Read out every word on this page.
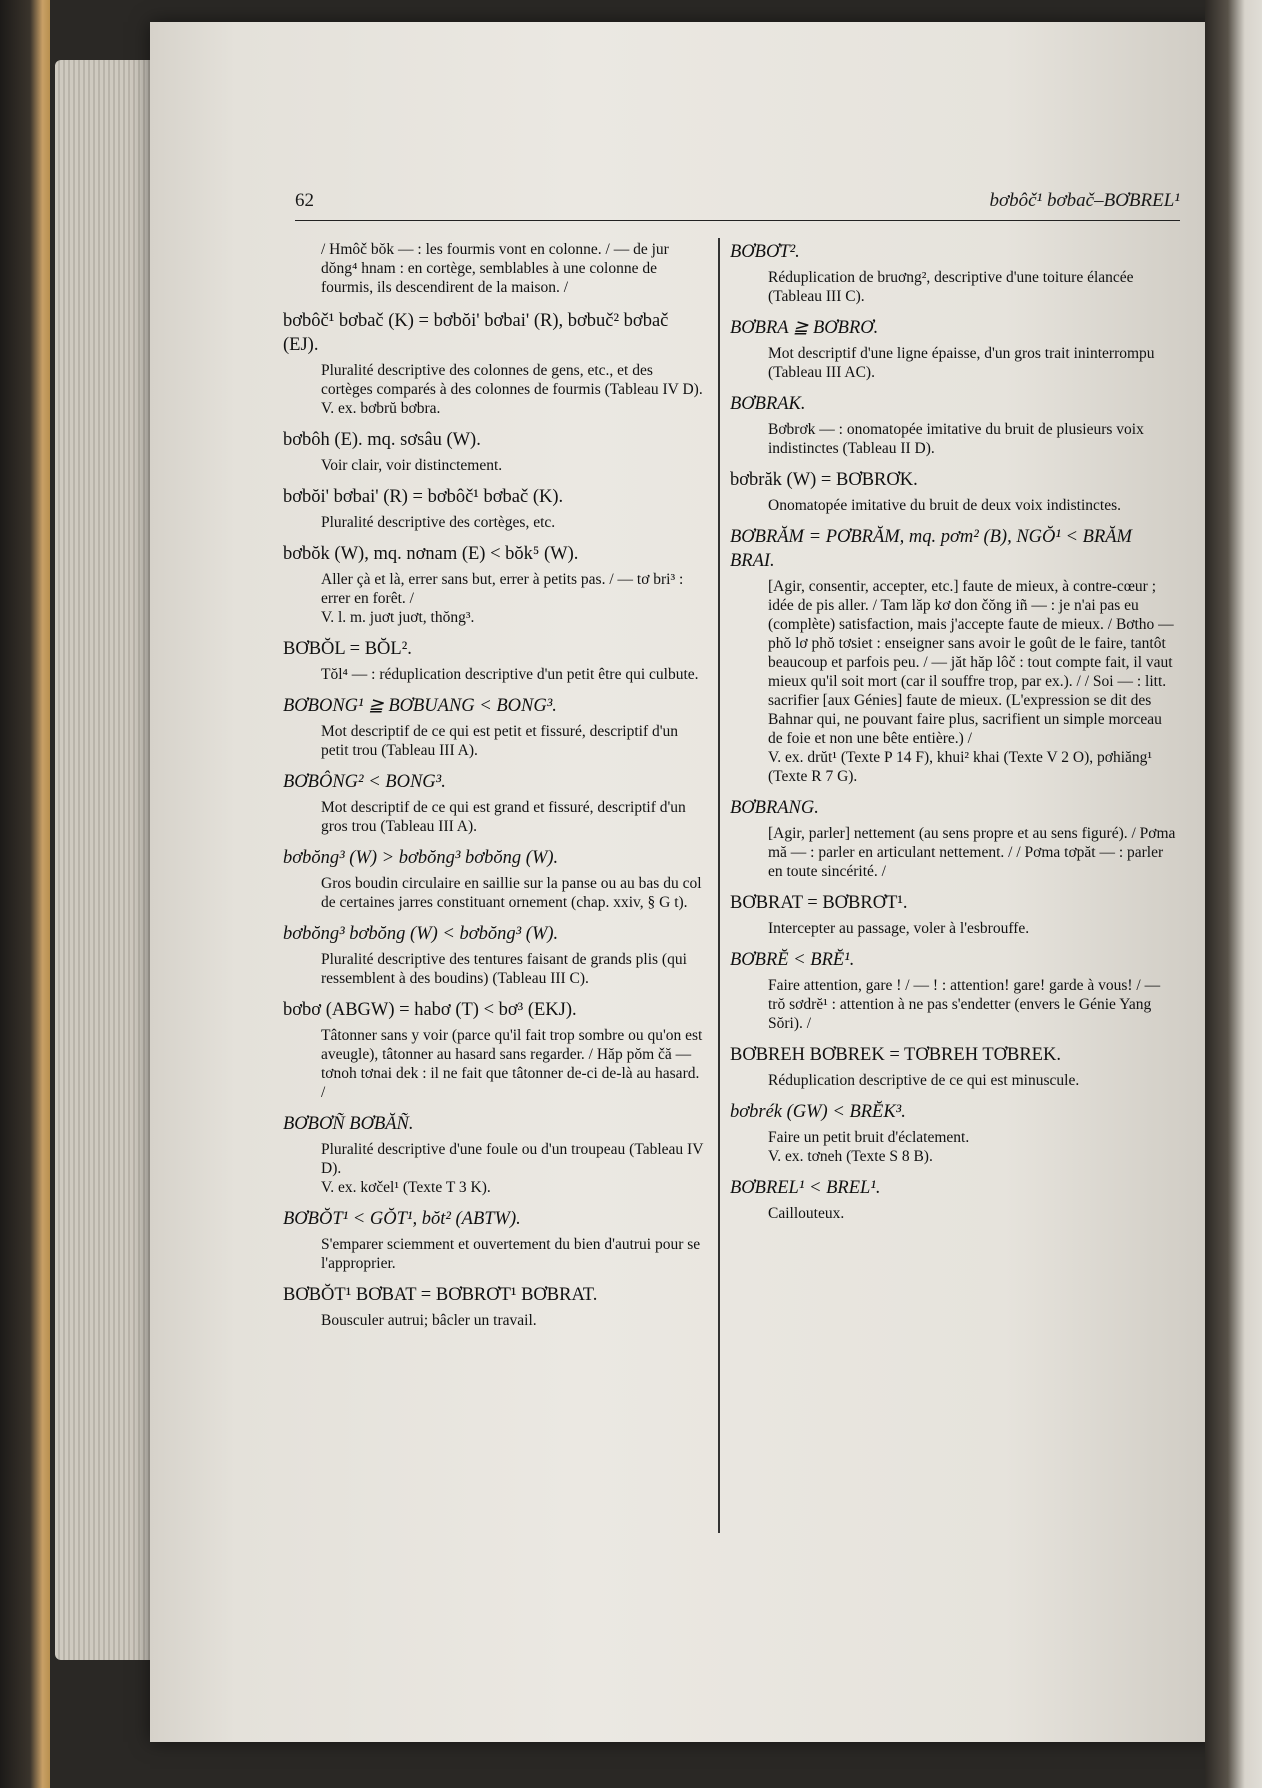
62	bơbôč¹ bơbač–BƠBREL¹
/ Hmôč bŏk — : les fourmis vont en colonne. / — de jur dŏng⁴ hnam : en cortège, semblables à une colonne de fourmis, ils descendirent de la maison. /
bơbôč¹ bơbač (K) = bơbŏi' bơbai' (R), bơbuč² bơbač (EJ).
Pluralité descriptive des colonnes de gens, etc., et des cortèges comparés à des colonnes de fourmis (Tableau IV D).
V. ex. bơbrŭ bơbra.
bơbôh (E). mq. sơsâu (W).
Voir clair, voir distinctement.
bơbŏi' bơbai' (R) = bơbôč¹ bơbač (K).
Pluralité descriptive des cortèges, etc.
bơbŏk (W), mq. nơnam (E) < bŏk⁵ (W).
Aller çà et là, errer sans but, errer à petits pas. / — tơ bri³ : errer en forêt. /
V. l. m. juơt juơt, thŏng³.
BƠBŎL = BŎL².
Tŏl⁴ — : réduplication descriptive d'un petit être qui culbute.
BƠBONG¹ ≧ BƠBUANG < BONG³.
Mot descriptif de ce qui est petit et fissuré, descriptif d'un petit trou (Tableau III A).
BƠBÔNG² < BONG³.
Mot descriptif de ce qui est grand et fissuré, descriptif d'un gros trou (Tableau III A).
bơbŏng³ (W) > bơbŏng³ bơbŏng (W).
Gros boudin circulaire en saillie sur la panse ou au bas du col de certaines jarres constituant ornement (chap. xxiv, § G t).
bơbŏng³ bơbŏng (W) < bơbŏng³ (W).
Pluralité descriptive des tentures faisant de grands plis (qui ressemblent à des boudins) (Tableau III C).
bơbơ (ABGW) = habơ (T) < bơ³ (EKJ).
Tâtonner sans y voir (parce qu'il fait trop sombre ou qu'on est aveugle), tâtonner au hasard sans regarder. / Hăp pŏm čă — tơnoh tơnai dek : il ne fait que tâtonner de-ci de-là au hasard. /
BƠBƠÑ BƠBĂÑ.
Pluralité descriptive d'une foule ou d'un troupeau (Tableau IV D).
V. ex. kơčel¹ (Texte T 3 K).
BƠBŎT¹ < GŎT¹, bŏt² (ABTW).
S'emparer sciemment et ouvertement du bien d'autrui pour se l'approprier.
BƠBŎT¹ BƠBAT = BƠBRƠT¹ BƠBRAT.
Bousculer autrui; bâcler un travail.
BƠBƠT².
Réduplication de bruơng², descriptive d'une toiture élancée (Tableau III C).
BƠBRA ≧ BƠBRƠ.
Mot descriptif d'une ligne épaisse, d'un gros trait ininterrompu (Tableau III AC).
BƠBRAK.
Bơbrơk — : onomatopée imitative du bruit de plusieurs voix indistinctes (Tableau II D).
bơbrăk (W) = BƠBRƠK.
Onomatopée imitative du bruit de deux voix indistinctes.
BƠBRĂM = PƠBRĂM, mq. pơm² (B), NGŎ¹ < BRĂM BRAI.
[Agir, consentir, accepter, etc.] faute de mieux, à contre-cœur ; idée de pis aller. / Tam lăp kơ don čŏng iñ — : je n'ai pas eu (complète) satisfaction, mais j'accepte faute de mieux. / Bơtho — phŏ lơ phŏ tơsiet : enseigner sans avoir le goût de le faire, tantôt beaucoup et parfois peu. / — jăt hăp lôč : tout compte fait, il vaut mieux qu'il soit mort (car il souffre trop, par ex.). / / Soi — : litt. sacrifier [aux Génies] faute de mieux. (L'expression se dit des Bahnar qui, ne pouvant faire plus, sacrifient un simple morceau de foie et non une bête entière.) /
V. ex. drŭt¹ (Texte P 14 F), khui² khai (Texte V 2 O), pơhiăng¹ (Texte R 7 G).
BƠBRANG.
[Agir, parler] nettement (au sens propre et au sens figuré). / Pơma mă — : parler en articulant nettement. / / Pơma tơpăt — : parler en toute sincérité. /
BƠBRAT = BƠBRƠT¹.
Intercepter au passage, voler à l'esbrouffe.
BƠBRĔ < BRĔ¹.
Faire attention, gare ! / — ! : attention! gare! garde à vous! / — trŏ sơdrĕ¹ : attention à ne pas s'endetter (envers le Génie Yang Sŏri). /
BƠBREH BƠBREK = TƠBREH TƠBREK.
Réduplication descriptive de ce qui est minuscule.
bơbrék (GW) < BRĔK³.
Faire un petit bruit d'éclatement.
V. ex. tơneh (Texte S 8 B).
BƠBREL¹ < BREL¹.
Caillouteux.
